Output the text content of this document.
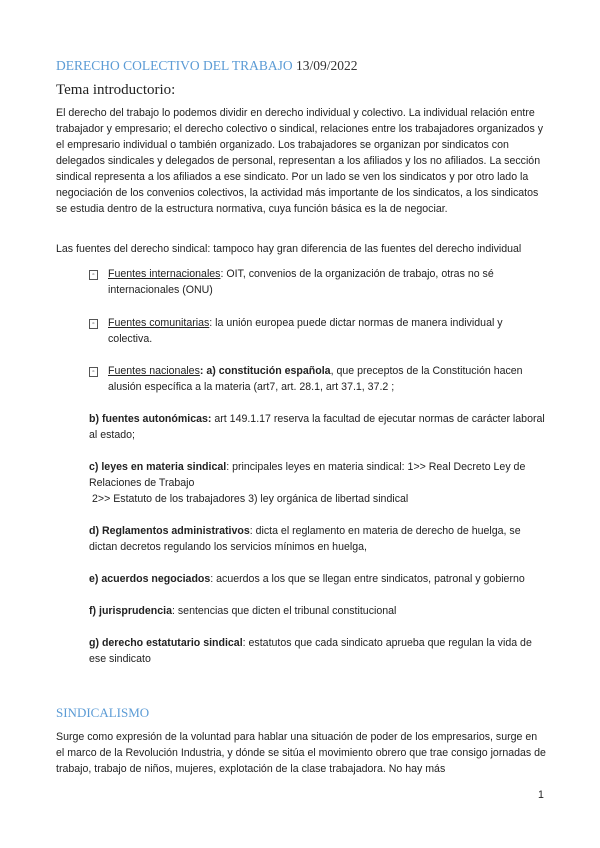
DERECHO COLECTIVO DEL TRABAJO 13/09/2022
Tema introductorio:
El derecho del trabajo lo podemos dividir en derecho individual y colectivo. La individual relación entre trabajador y empresario; el derecho colectivo o sindical, relaciones entre los trabajadores organizados y el empresario individual o también organizado. Los trabajadores se organizan por sindicatos con delegados sindicales y delegados de personal, representan a los afiliados y los no afiliados. La sección sindical representa a los afiliados a ese sindicato. Por un lado se ven los sindicatos y por otro lado la negociación de los convenios colectivos, la actividad más importante de los sindicatos, a los sindicatos se estudia dentro de la estructura normativa, cuya función básica es la de negociar.
Las fuentes del derecho sindical: tampoco hay gran diferencia de las fuentes del derecho individual
▫	Fuentes internacionales: OIT, convenios de la organización de trabajo, otras no sé internacionales (ONU)
▫	Fuentes comunitarias: la unión europea puede dictar normas de manera individual y colectiva.
▫	Fuentes nacionales: a) constitución española, que preceptos de la Constitución hacen alusión específica a la materia (art7, art. 28.1, art 37.1, 37.2 ;
b) fuentes autonómicas: art 149.1.17 reserva la facultad de ejecutar normas de carácter laboral al estado;
c) leyes en materia sindical: principales leyes en materia sindical: 1>> Real Decreto Ley de Relaciones de Trabajo
2>> Estatuto de los trabajadores 3) ley orgánica de libertad sindical
d) Reglamentos administrativos: dicta el reglamento en materia de derecho de huelga, se dictan decretos regulando los servicios mínimos en huelga,
e) acuerdos negociados: acuerdos a los que se llegan entre sindicatos, patronal y gobierno
f) jurisprudencia: sentencias que dicten el tribunal constitucional
g) derecho estatutario sindical: estatutos que cada sindicato aprueba que regulan la vida de ese sindicato
SINDICALISMO
Surge como expresión de la voluntad para hablar una situación de poder de los empresarios, surge en el marco de la Revolución Industria, y dónde se sitúa el movimiento obrero que trae consigo jornadas de trabajo, trabajo de niños, mujeres, explotación de la clase trabajadora. No hay más
1
